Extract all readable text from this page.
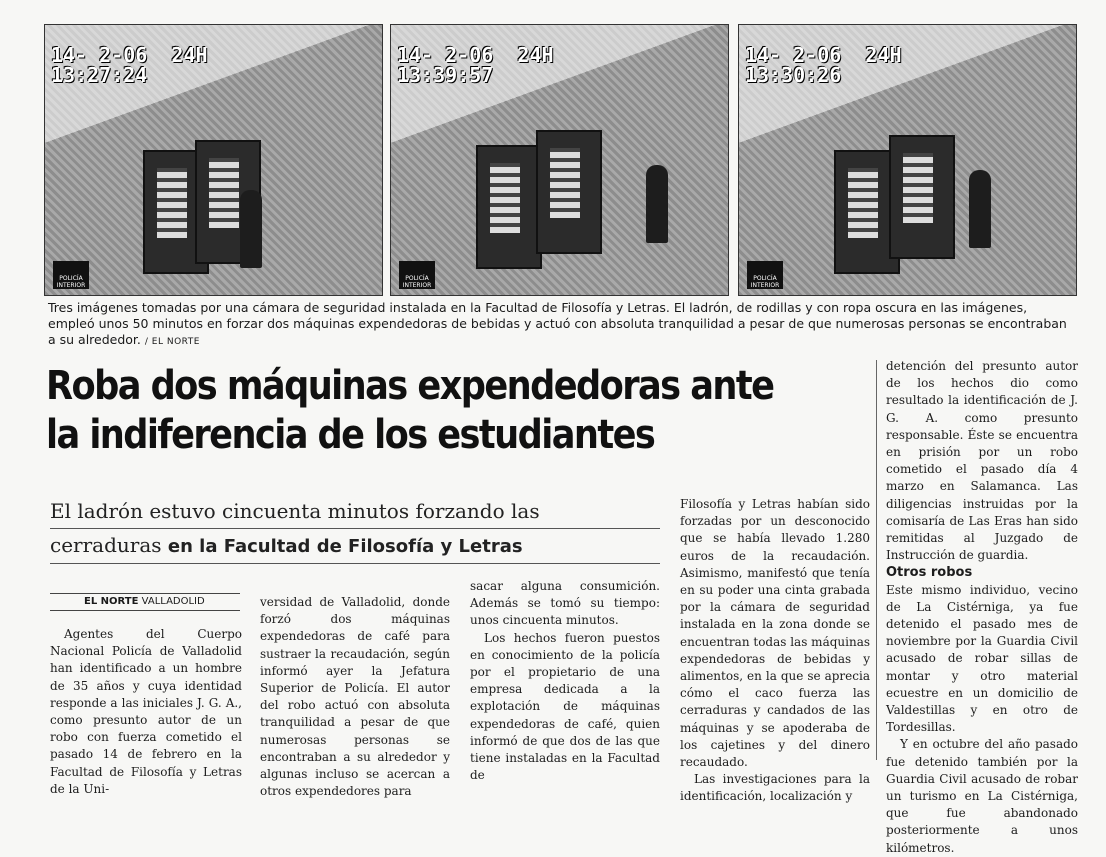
14- 2-06  24H
13:27:24
POLICÍA INTERIOR
14- 2-06  24H
13:39:57
POLICÍA INTERIOR
14- 2-06  24H
13:30:26
POLICÍA INTERIOR
Tres imágenes tomadas por una cámara de seguridad instalada en la Facultad de Filosofía y Letras. El ladrón, de rodillas y con ropa oscura en las imágenes, empleó unos 50 minutos en forzar dos máquinas expendedoras de bebidas y actuó con absoluta tranquilidad a pesar de que numerosas personas se encontraban a su alrededor. / EL NORTE
Roba dos máquinas expendedoras ante la indiferencia de los estudiantes
El ladrón estuvo cincuenta minutos forzando las
cerraduras en la Facultad de Filosofía y Letras
EL NORTE VALLADOLID

Agentes del Cuerpo Nacional Policía de Valladolid han identificado a un hombre de 35 años y cuya identidad responde a las iniciales J. G. A., como presunto autor de un robo con fuerza cometido el pasado 14 de febrero en la Facultad de Filosofía y Letras de la Uni-

versidad de Valladolid, donde forzó dos máquinas expendedoras de café para sustraer la recaudación, según informó ayer la Jefatura Superior de Policía. El autor del robo actuó con absoluta tranquilidad a pesar de que numerosas personas se encontraban a su alrededor y algunas incluso se acercan a otros expendedores para

sacar alguna consumición. Además se tomó su tiempo: unos cincuenta minutos.

Los hechos fueron puestos en conocimiento de la policía por el propietario de una empresa dedicada a la explotación de máquinas expendedoras de café, quien informó de que dos de las que tiene instaladas en la Facultad de

Filosofía y Letras habían sido forzadas por un desconocido que se había llevado 1.280 euros de la recaudación. Asimismo, manifestó que tenía en su poder una cinta grabada por la cámara de seguridad instalada en la zona donde se encuentran todas las máquinas expendedoras de bebidas y alimentos, en la que se aprecia cómo el caco fuerza las cerraduras y candados de las máquinas y se apoderaba de los cajetines y del dinero recaudado.

Las investigaciones para la identificación, localización y

detención del presunto autor de los hechos dio como resultado la identificación de J. G. A. como presunto responsable. Éste se encuentra en prisión por un robo cometido el pasado día 4 marzo en Salamanca. Las diligencias instruidas por la comisaría de Las Eras han sido remitidas al Juzgado de Instrucción de guardia.

Otros robos

Este mismo individuo, vecino de La Cistérniga, ya fue detenido el pasado mes de noviembre por la Guardia Civil acusado de robar sillas de montar y otro material ecuestre en un domicilio de Valdestillas y en otro de Tordesillas.

Y en octubre del año pasado fue detenido también por la Guardia Civil acusado de robar un turismo en La Cistérniga, que fue abandonado posteriormente a unos kilómetros.
